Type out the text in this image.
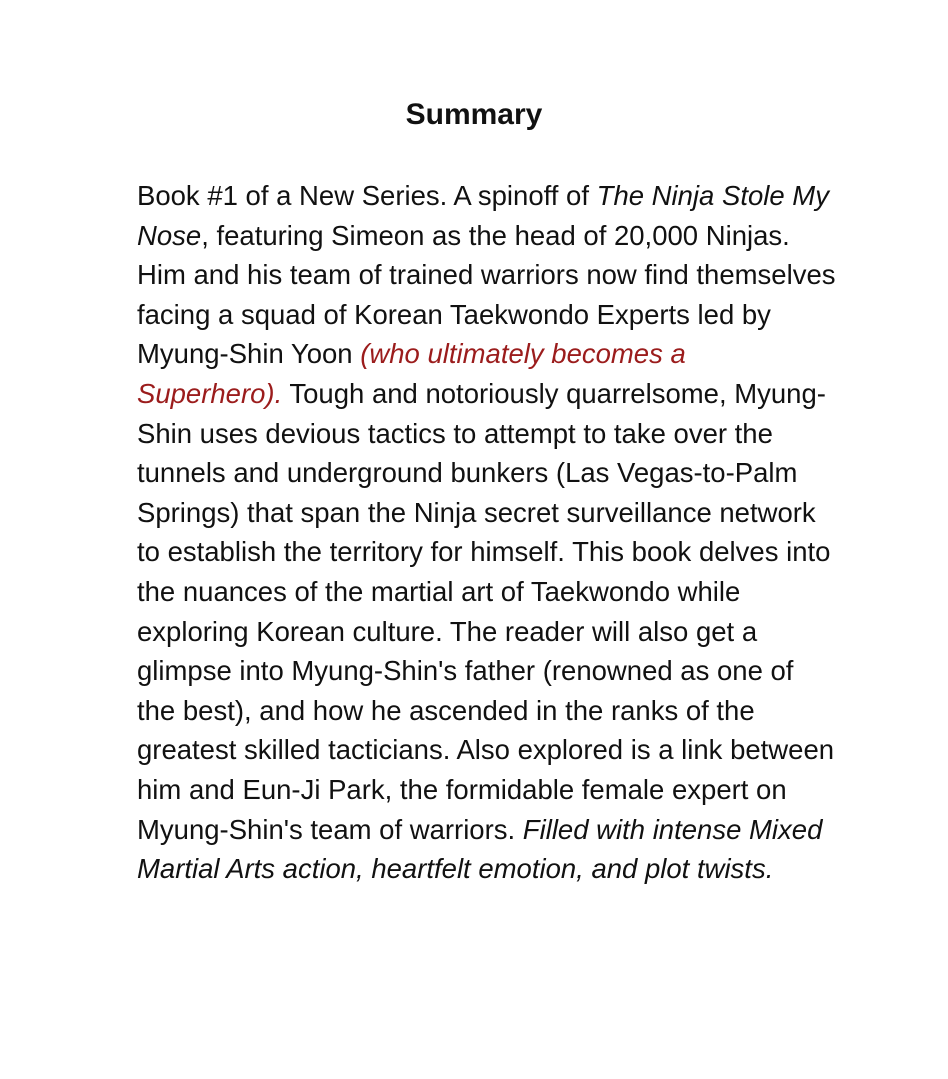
Summary

Book #1 of a New Series. A spinoff of The Ninja Stole My Nose, featuring Simeon as the head of 20,000 Ninjas. Him and his team of trained warriors now find themselves facing a squad of Korean Taekwondo Experts led by Myung-Shin Yoon (who ultimately becomes a Superhero). Tough and notoriously quarrelsome, Myung-Shin uses devious tactics to attempt to take over the tunnels and underground bunkers (Las Vegas-to-Palm Springs) that span the Ninja secret surveillance network to establish the territory for himself. This book delves into the nuances of the martial art of Taekwondo while exploring Korean culture. The reader will also get a glimpse into Myung-Shin's father (renowned as one of the best), and how he ascended in the ranks of the greatest skilled tacticians. Also explored is a link between him and Eun-Ji Park, the formidable female expert on Myung-Shin's team of warriors. Filled with intense Mixed Martial Arts action, heartfelt emotion, and plot twists.
